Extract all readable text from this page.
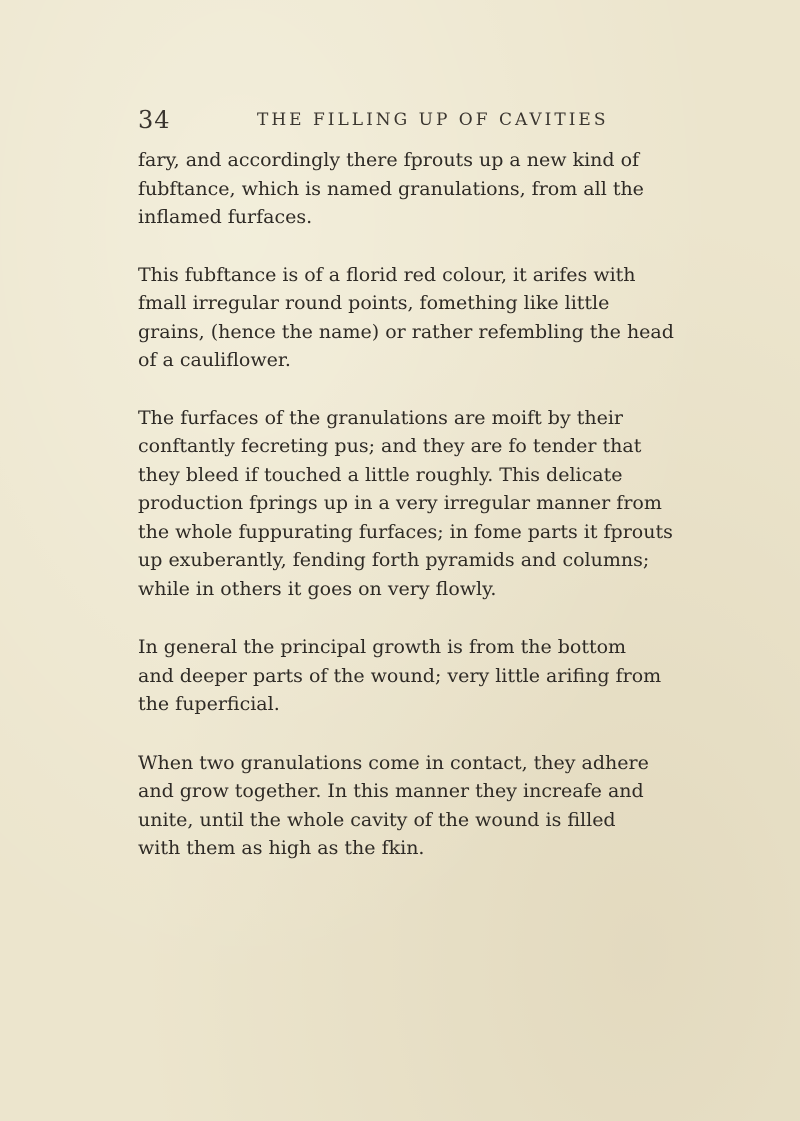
34	THE FILLING UP OF CAVITIES

fary, and accordingly there fprouts up a new kind of
fubftance, which is named granulations, from all the
inflamed furfaces.

This fubftance is of a florid red colour, it arifes with
fmall irregular round points, fomething like little
grains, (hence the name) or rather refembling the head
of a cauliflower.

The furfaces of the granulations are moift by their
conftantly fecreting pus; and they are fo tender that
they bleed if touched a little roughly. This delicate
production fprings up in a very irregular manner from
the whole fuppurating furfaces; in fome parts it fprouts
up exuberantly, fending forth pyramids and columns;
while in others it goes on very flowly.

In general the principal growth is from the bottom
and deeper parts of the wound; very little arifing from
the fuperficial.

When two granulations come in contact, they adhere
and grow together. In this manner they increafe and
unite, until the whole cavity of the wound is filled
with them as high as the fkin.
